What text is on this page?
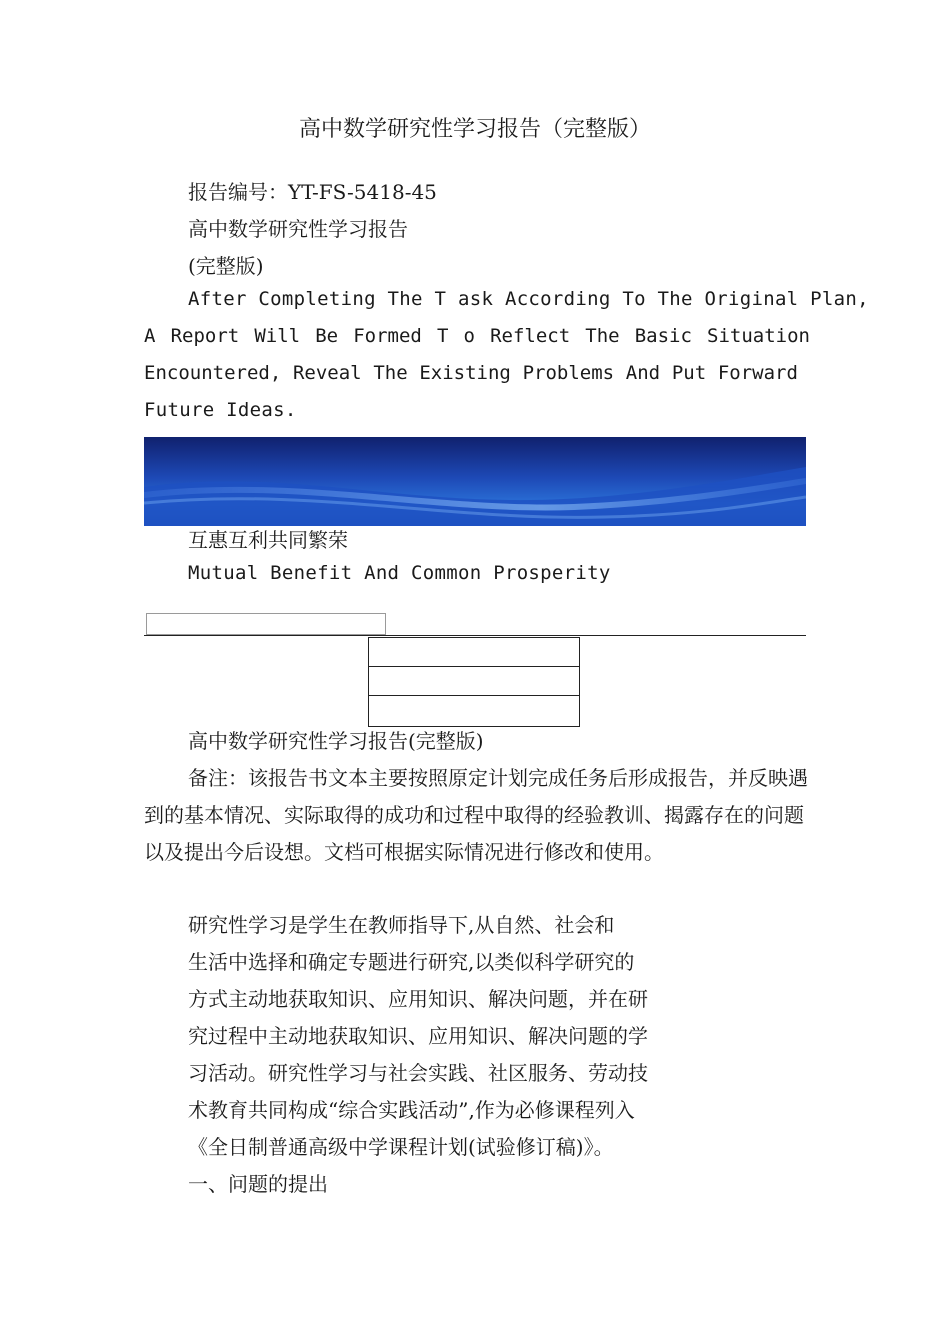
高中数学研究性学习报告（完整版）
报告编号：YT-FS-5418-45
高中数学研究性学习报告
(完整版)
After Completing The T ask According To The Original Plan,
A Report Will Be Formed T o Reflect The Basic Situation
Encountered, Reveal The Existing Problems And Put Forward
Future Ideas.
互惠互利共同繁荣
Mutual Benefit And Common Prosperity
高中数学研究性学习报告(完整版)
备注：该报告书文本主要按照原定计划完成任务后形成报告，并反映遇到的基本情况、实际取得的成功和过程中取得的经验教训、揭露存在的问题以及提出今后设想。文档可根据实际情况进行修改和使用。
研究性学习是学生在教师指导下,从自然、社会和
生活中选择和确定专题进行研究,以类似科学研究的
方式主动地获取知识、应用知识、解决问题，并在研
究过程中主动地获取知识、应用知识、解决问题的学
习活动。研究性学习与社会实践、社区服务、劳动技
术教育共同构成“综合实践活动”,作为必修课程列入
《全日制普通高级中学课程计划(试验修订稿)》。
一、问题的提出
